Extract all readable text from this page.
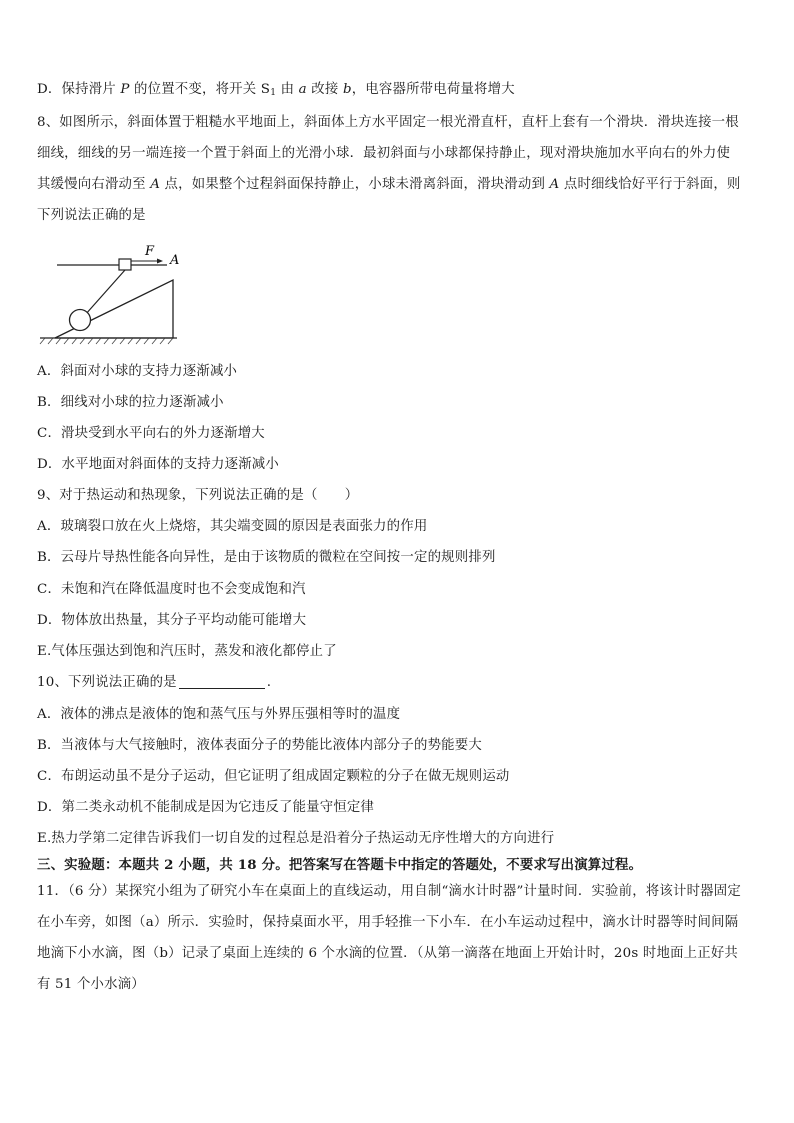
D．保持滑片 P 的位置不变，将开关 $S_1$ 由 a 改接 b，电容器所带电荷量将增大
8、如图所示，斜面体置于粗糙水平地面上，斜面体上方水平固定一根光滑直杆，直杆上套有一个滑块．滑块连接一根
细线，细线的另一端连接一个置于斜面上的光滑小球．最初斜面与小球都保持静止，现对滑块施加水平向右的外力使
其缓慢向右滑动至 A 点，如果整个过程斜面保持静止，小球未滑离斜面，滑块滑动到 A 点时细线恰好平行于斜面，则
下列说法正确的是
F
A
A．斜面对小球的支持力逐渐减小
B．细线对小球的拉力逐渐减小
C．滑块受到水平向右的外力逐渐增大
D．水平地面对斜面体的支持力逐渐减小
9、对于热运动和热现象，下列说法正确的是（　　）
A．玻璃裂口放在火上烧熔，其尖端变圆的原因是表面张力的作用
B．云母片导热性能各向异性，是由于该物质的微粒在空间按一定的规则排列
C．未饱和汽在降低温度时也不会变成饱和汽
D．物体放出热量，其分子平均动能可能增大
E.气体压强达到饱和汽压时，蒸发和液化都停止了
10、下列说法正确的是	.
A．液体的沸点是液体的饱和蒸气压与外界压强相等时的温度
B．当液体与大气接触时，液体表面分子的势能比液体内部分子的势能要大
C．布朗运动虽不是分子运动，但它证明了组成固定颗粒的分子在做无规则运动
D．第二类永动机不能制成是因为它违反了能量守恒定律
E.热力学第二定律告诉我们一切自发的过程总是沿着分子热运动无序性增大的方向进行
三、实验题：本题共 2 小题，共 18 分。把答案写在答题卡中指定的答题处，不要求写出演算过程。
11．（6 分）某探究小组为了研究小车在桌面上的直线运动，用自制“滴水计时器”计量时间．实验前，将该计时器固定
在小车旁，如图（a）所示．实验时，保持桌面水平，用手轻推一下小车．在小车运动过程中，滴水计时器等时间间隔
地滴下小水滴，图（b）记录了桌面上连续的 6 个水滴的位置．（从第一滴落在地面上开始计时，20s 时地面上正好共
有 51 个小水滴）
